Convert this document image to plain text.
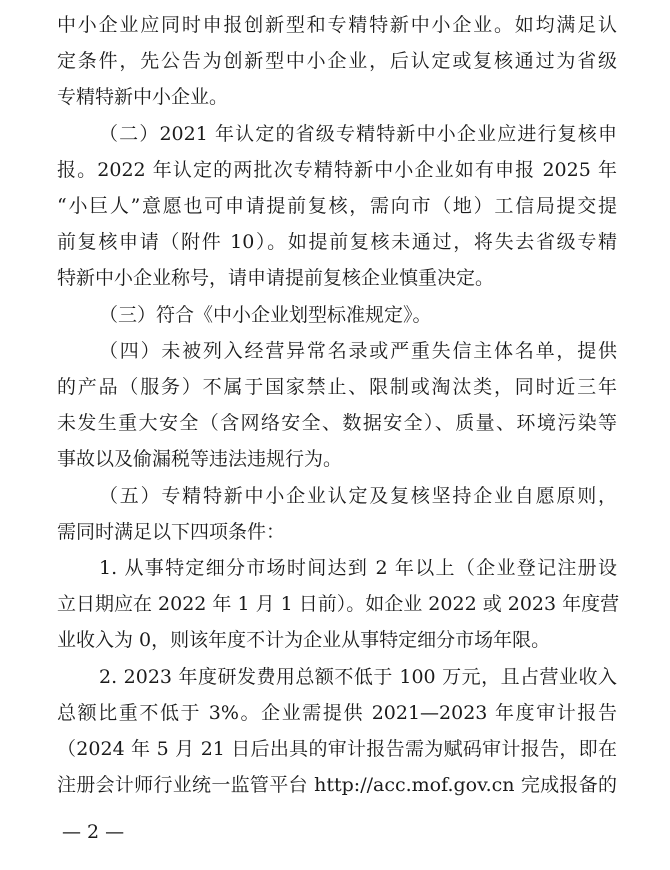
中小企业应同时申报创新型和专精特新中小企业。如均满足认
定条件，先公告为创新型中小企业，后认定或复核通过为省级
专精特新中小企业。
（二）2021 年认定的省级专精特新中小企业应进行复核申
报。2022 年认定的两批次专精特新中小企业如有申报 2025 年
“小巨人”意愿也可申请提前复核，需向市（地）工信局提交提
前复核申请（附件 10）。如提前复核未通过，将失去省级专精
特新中小企业称号，请申请提前复核企业慎重决定。
（三）符合《中小企业划型标准规定》。
（四）未被列入经营异常名录或严重失信主体名单，提供
的产品（服务）不属于国家禁止、限制或淘汰类，同时近三年
未发生重大安全（含网络安全、数据安全）、质量、环境污染等
事故以及偷漏税等违法违规行为。
（五）专精特新中小企业认定及复核坚持企业自愿原则，
需同时满足以下四项条件：
1. 从事特定细分市场时间达到 2 年以上（企业登记注册设
立日期应在 2022 年 1 月 1 日前）。如企业 2022 或 2023 年度营
业收入为 0，则该年度不计为企业从事特定细分市场年限。
2. 2023 年度研发费用总额不低于 100 万元，且占营业收入
总额比重不低于 3%。企业需提供 2021—2023 年度审计报告
（2024 年 5 月 21 日后出具的审计报告需为赋码审计报告，即在
注册会计师行业统一监管平台 http://acc.mof.gov.cn 完成报备的
— 2 —
